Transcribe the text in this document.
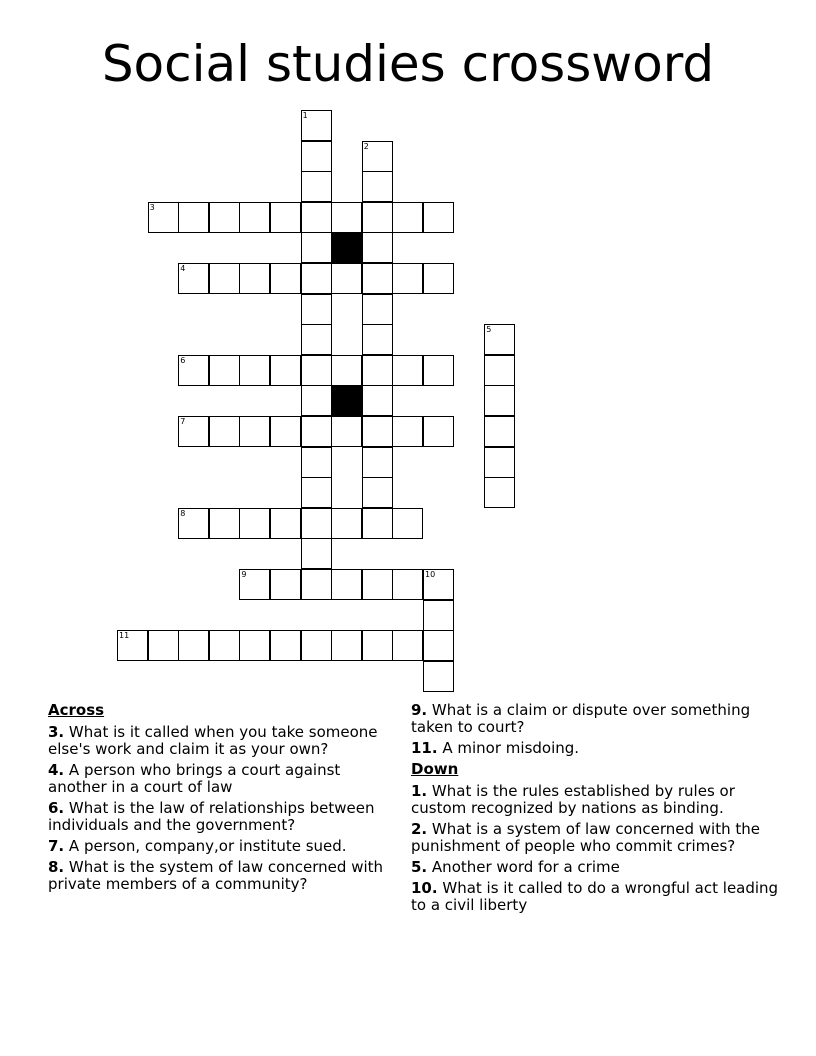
Social studies crossword
1
2
3
4
5
6
7
8
9	10
11
Across
3. What is it called when you take someone else's work and claim it as your own?
4. A person who brings a court against another in a court of law
6. What is the law of relationships between individuals and the government?
7. A person, company,or institute sued.
8. What is the system of law concerned with private members of a community?
9. What is a claim or dispute over something taken to court?
11. A minor misdoing.
Down
1. What is the rules established by rules or custom recognized by nations as binding.
2. What is a system of law concerned with the punishment of people who commit crimes?
5. Another word for a crime
10. What is it called to do a wrongful act leading to a civil liberty
